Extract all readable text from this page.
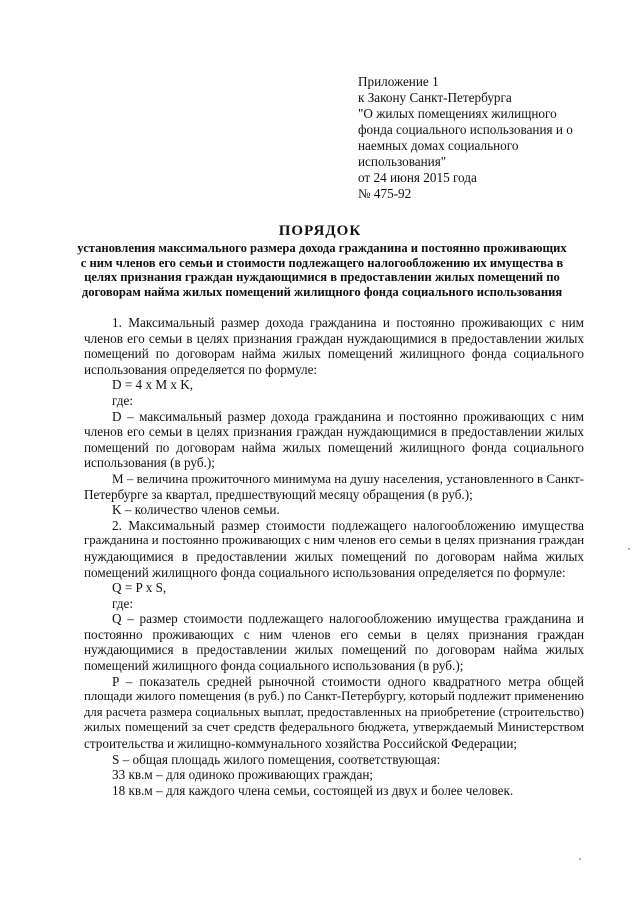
Приложение 1
к Закону Санкт-Петербурга
"О жилых помещениях жилищного
фонда социального использования и о
наемных домах социального
использования"
от 24 июня 2015 года
№ 475-92
ПОРЯДОК
установления максимального размера дохода гражданина и постоянно проживающих
с ним членов его семьи и стоимости подлежащего налогообложению их имущества в
целях признания граждан нуждающимися в предоставлении жилых помещений по
договорам найма жилых помещений жилищного фонда социального использования
1. Максимальный размер дохода гражданина и постоянно проживающих с ним
членов его семьи в целях признания граждан нуждающимися в предоставлении жилых
помещений по договорам найма жилых помещений жилищного фонда социального
использования определяется по формуле:
D = 4 x M x K,
где:
D – максимальный размер дохода гражданина и постоянно проживающих с ним
членов его семьи в целях признания граждан нуждающимися в предоставлении жилых
помещений по договорам найма жилых помещений жилищного фонда социального
использования (в руб.);
М – величина прожиточного минимума на душу населения, установленного в Санкт-
Петербурге за квартал, предшествующий месяцу обращения (в руб.);
K – количество членов семьи.
2. Максимальный размер стоимости подлежащего налогообложению имущества
гражданина и постоянно проживающих с ним членов его семьи в целях признания граждан
нуждающимися в предоставлении жилых помещений по договорам найма жилых
помещений жилищного фонда социального использования определяется по формуле:
Q = P x S,
где:
Q – размер стоимости подлежащего налогообложению имущества гражданина и
постоянно проживающих с ним членов его семьи в целях признания граждан
нуждающимися в предоставлении жилых помещений по договорам найма жилых
помещений жилищного фонда социального использования (в руб.);
P – показатель средней рыночной стоимости одного квадратного метра общей
площади жилого помещения (в руб.) по Санкт-Петербургу, который подлежит применению
для расчета размера социальных выплат, предоставленных на приобретение (строительство)
жилых помещений за счет средств федерального бюджета, утверждаемый Министерством
строительства и жилищно-коммунального хозяйства Российской Федерации;
S – общая площадь жилого помещения, соответствующая:
33 кв.м – для одиноко проживающих граждан;
18 кв.м – для каждого члена семьи, состоящей из двух и более человек.
